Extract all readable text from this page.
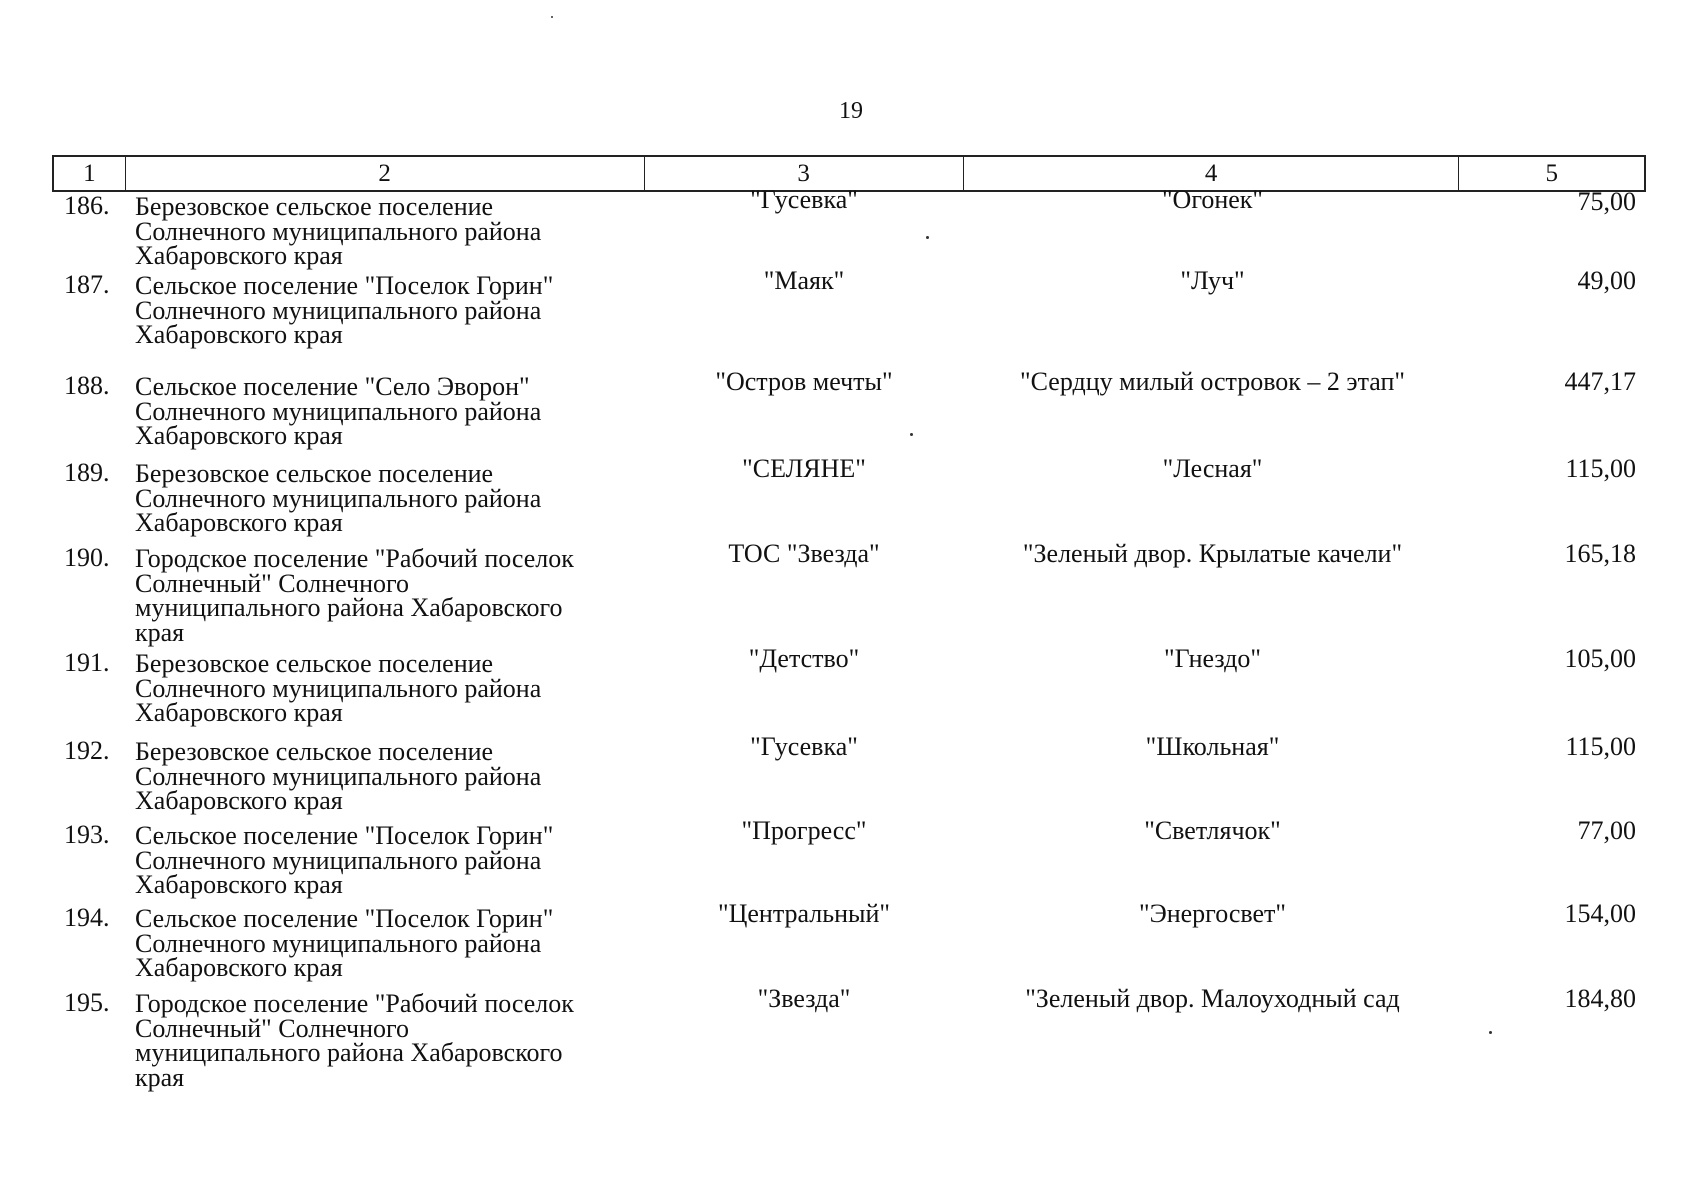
19
1	2	3	4	5
186. Березовское сельское поселение
Солнечного муниципального района
Хабаровского края
"Гусевка"	"Огонек"	75,00
187. Сельское поселение "Поселок Горин"
Солнечного муниципального района
Хабаровского края
"Маяк"	"Луч"	49,00
188. Сельское поселение "Село Эворон"
Солнечного муниципального района
Хабаровского края
"Остров мечты"	"Сердцу милый островок – 2 этап"	447,17
189. Березовское сельское поселение
Солнечного муниципального района
Хабаровского края
"СЕЛЯНЕ"	"Лесная"	115,00
190. Городское поселение "Рабочий поселок
Солнечный" Солнечного
муниципального района Хабаровского
края
ТОС "Звезда"	"Зеленый двор. Крылатые качели"	165,18
191. Березовское сельское поселение
Солнечного муниципального района
Хабаровского края
"Детство"	"Гнездо"	105,00
192. Березовское сельское поселение
Солнечного муниципального района
Хабаровского края
"Гусевка"	"Школьная"	115,00
193. Сельское поселение "Поселок Горин"
Солнечного муниципального района
Хабаровского края
"Прогресс"	"Светлячок"	77,00
194. Сельское поселение "Поселок Горин"
Солнечного муниципального района
Хабаровского края
"Центральный"	"Энергосвет"	154,00
195. Городское поселение "Рабочий поселок
Солнечный" Солнечного
муниципального района Хабаровского
края
"Звезда"	"Зеленый двор. Малоуходный сад	184,80
